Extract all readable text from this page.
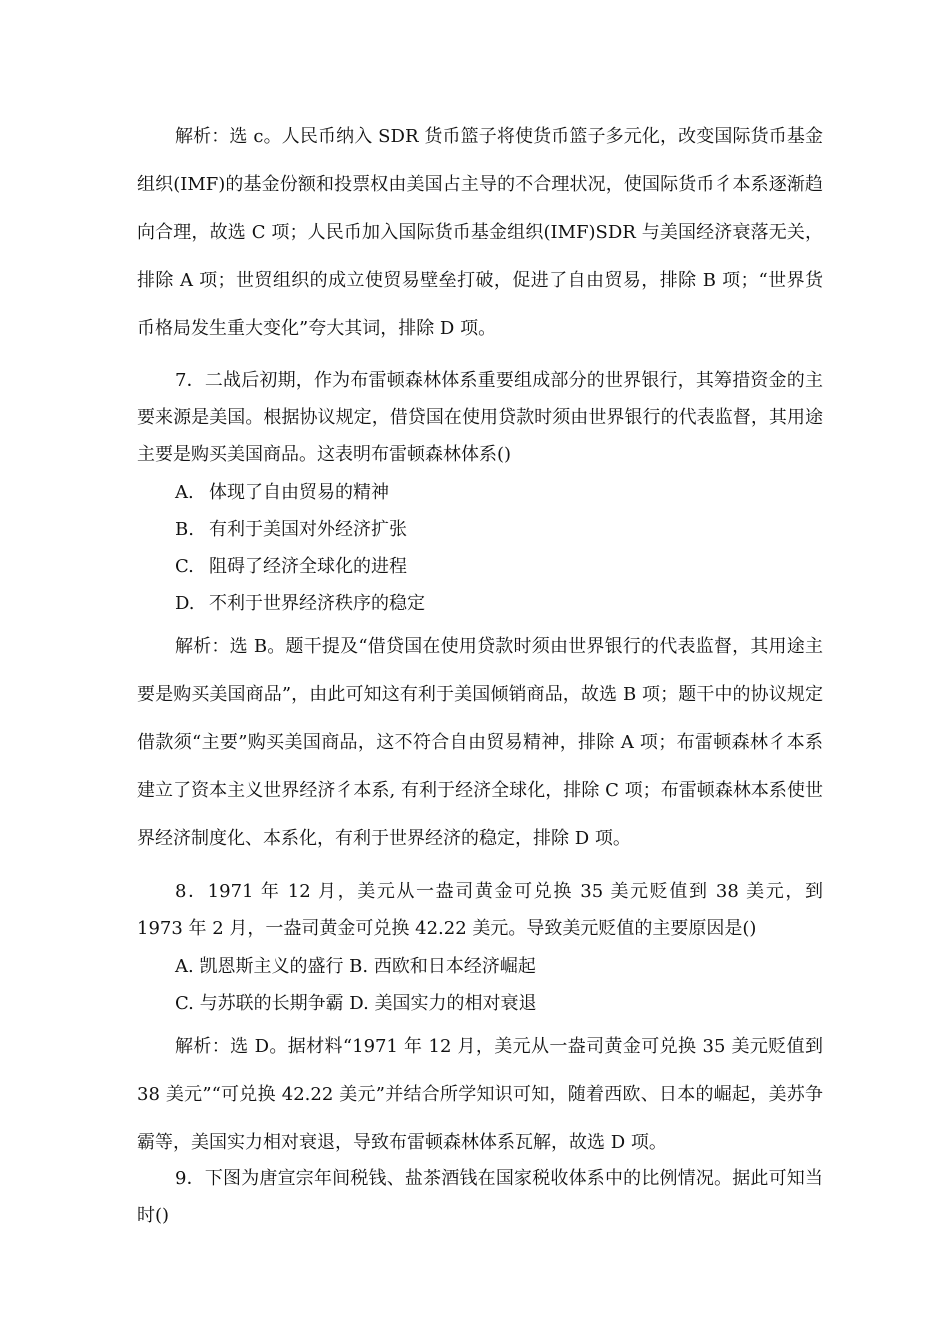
解析：选 c。人民币纳入 SDR 货币篮子将使货币篮子多元化，改变国际货币基金组织(IMF)的基金份额和投票权由美国占主导的不合理状况，使国际货币彳本系逐渐趋向合理，故选 C 项；人民币加入国际货币基金组织(IMF)SDR 与美国经济衰落无关，排除 A 项；世贸组织的成立使贸易壁垒打破，促进了自由贸易，排除 B 项；“世界货币格局发生重大变化”夸大其词，排除 D 项。

7．二战后初期，作为布雷顿森林体系重要组成部分的世界银行，其筹措资金的主要来源是美国。根据协议规定，借贷国在使用贷款时须由世界银行的代表监督，其用途主要是购买美国商品。这表明布雷顿森林体系()

A. 体现了自由贸易的精神

B. 有利于美国对外经济扩张

C. 阻碍了经济全球化的进程

D. 不利于世界经济秩序的稳定

解析：选 B。题干提及“借贷国在使用贷款时须由世界银行的代表监督，其用途主要是购买美国商品”，由此可知这有利于美国倾销商品，故选 B 项；题干中的协议规定借款须“主要”购买美国商品，这不符合自由贸易精神，排除 A 项；布雷顿森林彳本系建立了资本主义世界经济彳本系, 有利于经济全球化，排除 C 项；布雷顿森林本系使世界经济制度化、本系化，有利于世界经济的稳定，排除 D 项。

8．1971 年 12 月，美元从一盎司黄金可兑换 35 美元贬值到 38 美元，到 1973 年 2 月，一盎司黄金可兑换 42.22 美元。导致美元贬值的主要原因是()

A. 凯恩斯主义的盛行 B. 西欧和日本经济崛起

C. 与苏联的长期争霸 D. 美国实力的相对衰退

解析：选 D。据材料“1971 年 12 月，美元从一盎司黄金可兑换 35 美元贬值到 38 美元”“可兑换 42.22 美元”并结合所学知识可知，随着西欧、日本的崛起，美苏争霸等，美国实力相对衰退，导致布雷顿森林体系瓦解，故选 D 项。

9．下图为唐宣宗年间税钱、盐茶酒钱在国家税收体系中的比例情况。据此可知当时()
